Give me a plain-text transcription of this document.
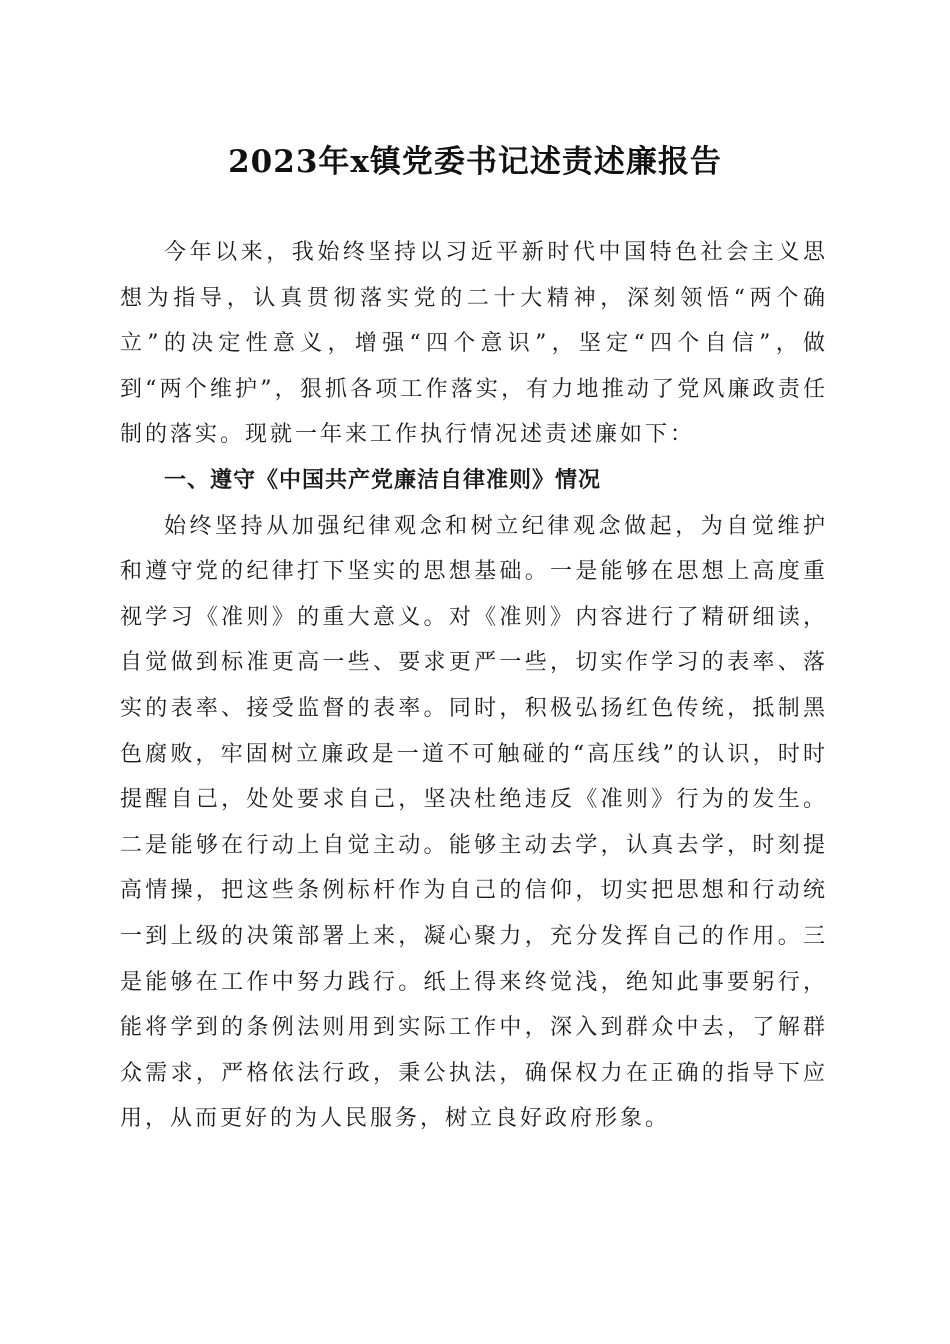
2023年x镇党委书记述责述廉报告

今年以来，我始终坚持以习近平新时代中国特色社会主义思想为指导，认真贯彻落实党的二十大精神，深刻领悟“两个确立”的决定性意义，增强“四个意识”，坚定“四个自信”，做到“两个维护”，狠抓各项工作落实，有力地推动了党风廉政责任制的落实。现就一年来工作执行情况述责述廉如下：

一、遵守《中国共产党廉洁自律准则》情况

始终坚持从加强纪律观念和树立纪律观念做起，为自觉维护和遵守党的纪律打下坚实的思想基础。一是能够在思想上高度重视学习《准则》的重大意义。对《准则》内容进行了精研细读，自觉做到标准更高一些、要求更严一些，切实作学习的表率、落实的表率、接受监督的表率。同时，积极弘扬红色传统，抵制黑色腐败，牢固树立廉政是一道不可触碰的“高压线”的认识，时时提醒自己，处处要求自己，坚决杜绝违反《准则》行为的发生。二是能够在行动上自觉主动。能够主动去学，认真去学，时刻提高情操，把这些条例标杆作为自己的信仰，切实把思想和行动统一到上级的决策部署上来，凝心聚力，充分发挥自己的作用。三是能够在工作中努力践行。纸上得来终觉浅，绝知此事要躬行，能将学到的条例法则用到实际工作中，深入到群众中去，了解群众需求，严格依法行政，秉公执法，确保权力在正确的指导下应用，从而更好的为人民服务，树立良好政府形象。
